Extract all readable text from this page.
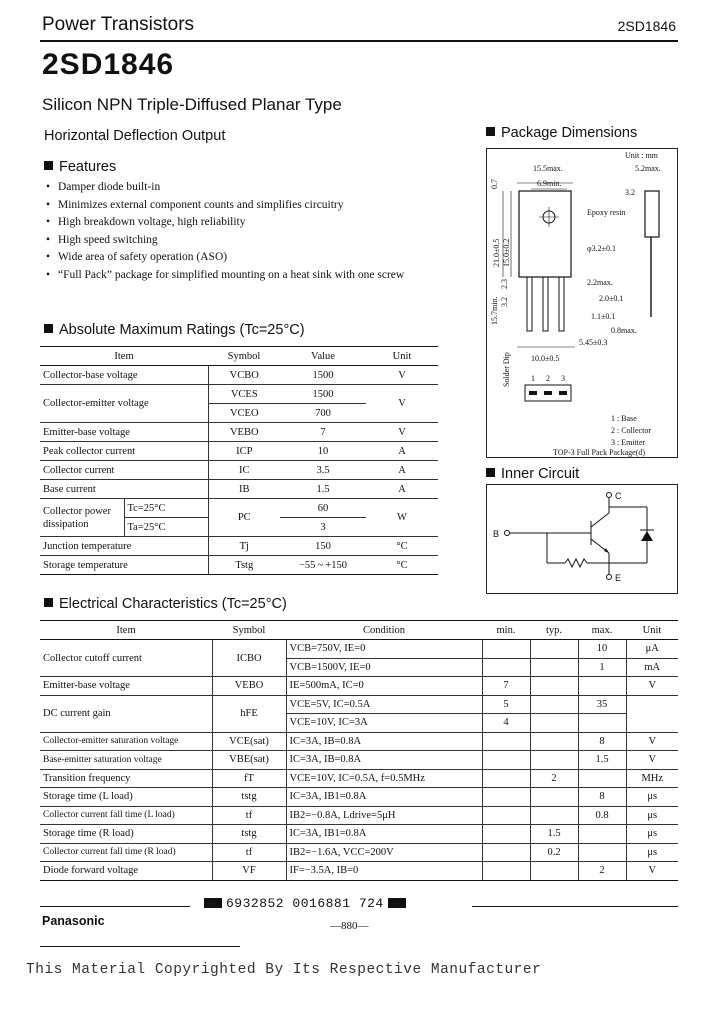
Power Transistors	2SD1846
2SD1846
Silicon NPN Triple-Diffused Planar Type
Horizontal Deflection Output
Features
• Damper diode built-in
• Minimizes external component counts and simplifies circuitry
• High breakdown voltage, high reliability
• High speed switching
• Wide area of safety operation (ASO)
• “Full Pack” package for simplified mounting on a heat sink with one screw
Absolute Maximum Ratings (Tc=25°C)
Item		Symbol	Value	Unit
Collector-base voltage		VCBO	1500	V
Collector-emitter voltage		VCES	1500	V
		VCEO	700	
Emitter-base voltage		VEBO	7	V
Peak collector current		ICP	10	A
Collector current		IC	3.5	A
Base current		IB	1.5	A
Collector power dissipation	Tc=25°C	PC	60	W
	Ta=25°C		3	
Junction temperature		Tj	150	°C
Storage temperature		Tstg	−55 ~ +150	°C
Package Dimensions
Unit : mm
15.5max.
6.9min.
5.2max.
3.2
Epoxy resin
φ3.2±0.1
2.2max.
2.0±0.1
1.1±0.1
0.8max.
5.45±0.3
10.0±0.5
0.7
21.0±0.5 15.0±0.2
15.7min.
Solder Dip
2.3
3.2
1 2 3
1 : Base
2 : Collector
3 : Emitter
TOP-3 Full Pack Package(d)
Inner Circuit
B
C
E
Electrical Characteristics (Tc=25°C)
Item	Symbol	Condition	min.	typ.	max.	Unit
Collector cutoff current	ICBO	VCB=750V, IE=0			10	μA
		VCB=1500V, IE=0			1	mA
Emitter-base voltage	VEBO	IE=500mA, IC=0	7			V
DC current gain	hFE	VCE=5V, IC=0.5A	5		35	
		VCE=10V, IC=3A	4			
Collector-emitter saturation voltage	VCE(sat)	IC=3A, IB=0.8A			8	V
Base-emitter saturation voltage	VBE(sat)	IC=3A, IB=0.8A			1.5	V
Transition frequency	fT	VCE=10V, IC=0.5A, f=0.5MHz		2		MHz
Storage time (L load)	tstg	IC=3A, IB1=0.8A			8	μs
Collector current fall time (L load)	tf	IB2=−0.8A, Ldrive=5μH			0.8	μs
Storage time (R load)	tstg	IC=3A, IB1=0.8A		1.5		μs
Collector current fall time (R load)	tf	IB2=−1.6A, VCC=200V		0.2		μs
Diode forward voltage	VF	IF=−3.5A, IB=0			2	V
6932852 0016881 724
Panasonic	—880—
This Material Copyrighted By Its Respective Manufacturer
